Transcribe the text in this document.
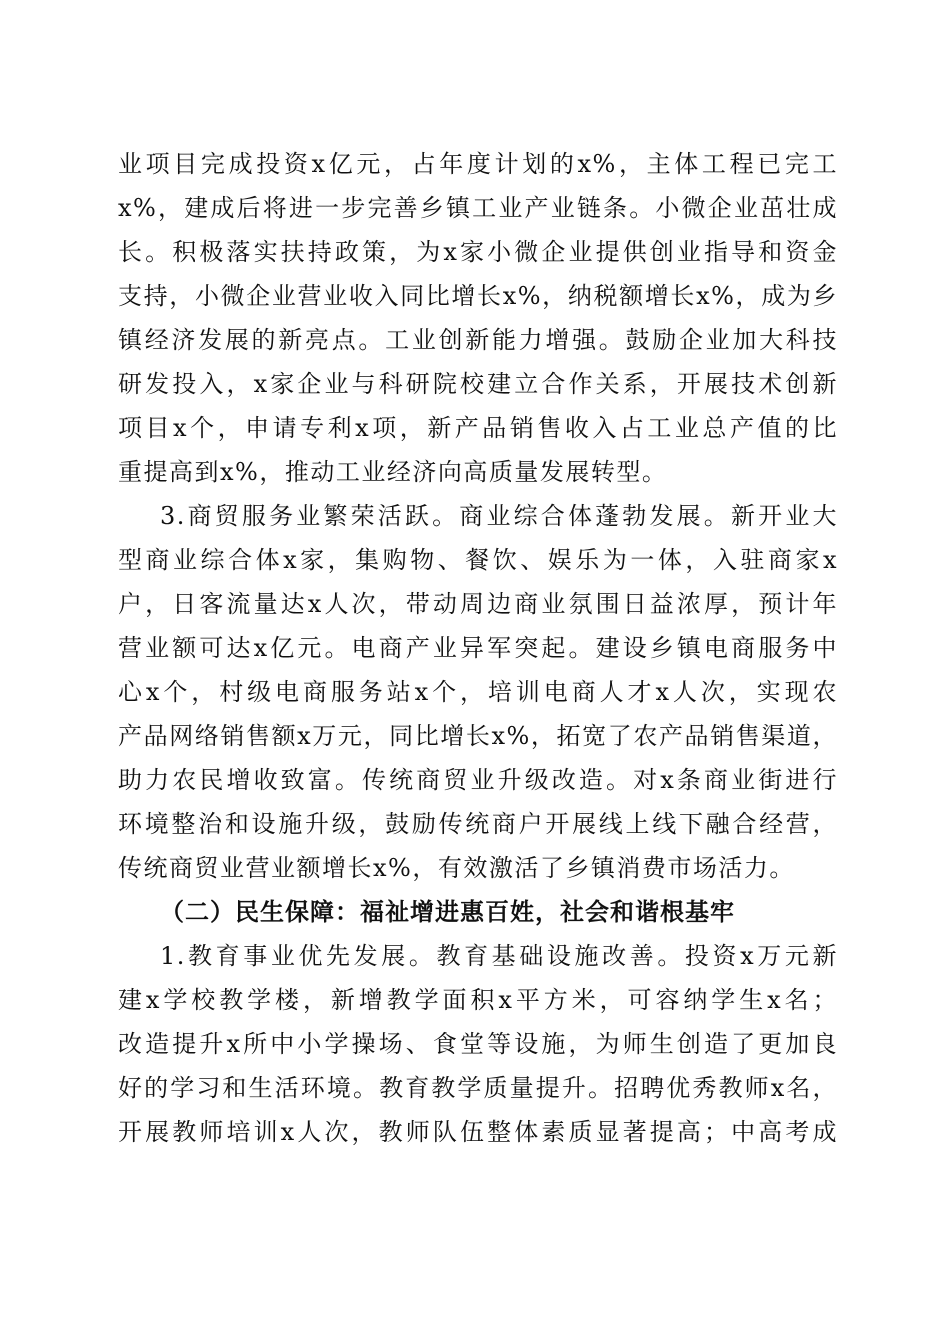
业项目完成投资x亿元，占年度计划的x%，主体工程已完工
x%，建成后将进一步完善乡镇工业产业链条。小微企业茁壮成
长。积极落实扶持政策，为x家小微企业提供创业指导和资金
支持，小微企业营业收入同比增长x%，纳税额增长x%，成为乡
镇经济发展的新亮点。工业创新能力增强。鼓励企业加大科技
研发投入，x家企业与科研院校建立合作关系，开展技术创新
项目x个，申请专利x项，新产品销售收入占工业总产值的比
重提高到x%，推动工业经济向高质量发展转型。
3.商贸服务业繁荣活跃。商业综合体蓬勃发展。新开业大
型商业综合体x家，集购物、餐饮、娱乐为一体，入驻商家x
户，日客流量达x人次，带动周边商业氛围日益浓厚，预计年
营业额可达x亿元。电商产业异军突起。建设乡镇电商服务中
心x个，村级电商服务站x个，培训电商人才x人次，实现农
产品网络销售额x万元，同比增长x%，拓宽了农产品销售渠道，
助力农民增收致富。传统商贸业升级改造。对x条商业街进行
环境整治和设施升级，鼓励传统商户开展线上线下融合经营，
传统商贸业营业额增长x%，有效激活了乡镇消费市场活力。
（二）民生保障：福祉增进惠百姓，社会和谐根基牢
1.教育事业优先发展。教育基础设施改善。投资x万元新
建x学校教学楼，新增教学面积x平方米，可容纳学生x名；
改造提升x所中小学操场、食堂等设施，为师生创造了更加良
好的学习和生活环境。教育教学质量提升。招聘优秀教师x名，
开展教师培训x人次，教师队伍整体素质显著提高；中高考成
